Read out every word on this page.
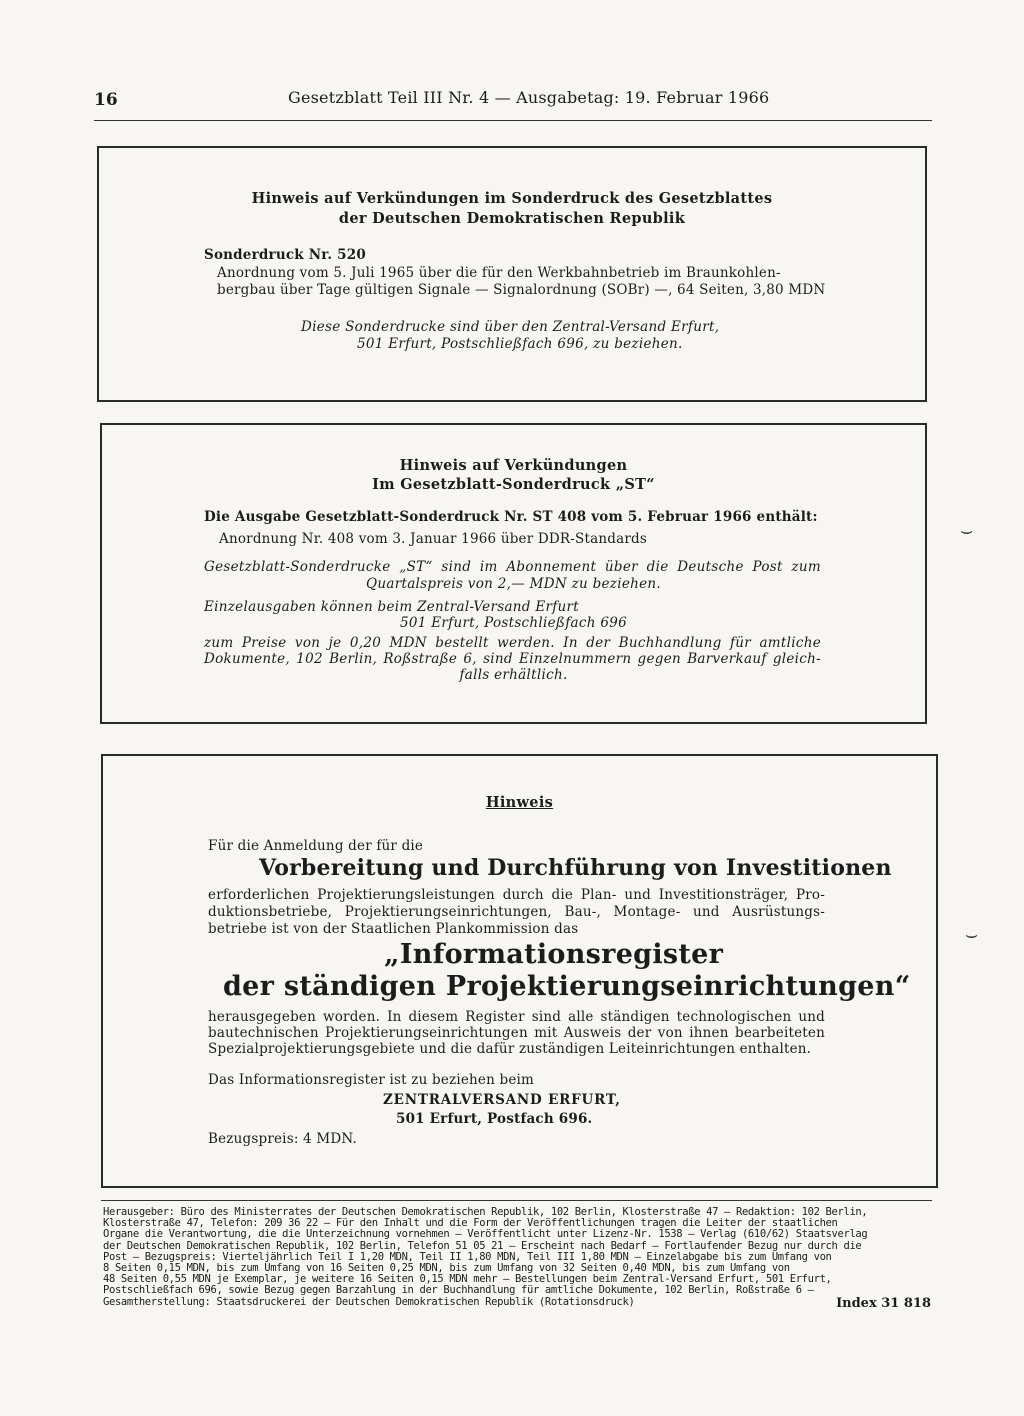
16	Gesetzblatt Teil III Nr. 4 — Ausgabetag: 19. Februar 1966
Hinweis auf Verkündungen im Sonderdruck des Gesetzblattes
der Deutschen Demokratischen Republik
Sonderdruck Nr. 520
Anordnung vom 5. Juli 1965 über die für den Werkbahnbetrieb im Braunkohlen-
bergbau über Tage gültigen Signale — Signalordnung (SOBr) —, 64 Seiten, 3,80 MDN
Diese Sonderdrucke sind über den Zentral-Versand Erfurt,
501 Erfurt, Postschließfach 696, zu beziehen.
Hinweis auf Verkündungen
Im Gesetzblatt-Sonderdruck „ST“
Die Ausgabe Gesetzblatt-Sonderdruck Nr. ST 408 vom 5. Februar 1966 enthält:
Anordnung Nr. 408 vom 3. Januar 1966 über DDR-Standards
Gesetzblatt-Sonderdrucke „ST“ sind im Abonnement über die Deutsche Post zum
Quartalspreis von 2,— MDN zu beziehen.
Einzelausgaben können beim Zentral-Versand Erfurt
501 Erfurt, Postschließfach 696
zum Preise von je 0,20 MDN bestellt werden. In der Buchhandlung für amtliche
Dokumente, 102 Berlin, Roßstraße 6, sind Einzelnummern gegen Barverkauf gleich-
falls erhältlich.
Hinweis
Für die Anmeldung der für die
Vorbereitung und Durchführung von Investitionen
erforderlichen Projektierungsleistungen durch die Plan- und Investitionsträger, Pro-
duktionsbetriebe, Projektierungseinrichtungen, Bau-, Montage- und Ausrüstungs-
betriebe ist von der Staatlichen Plankommission das
„Informationsregister
der ständigen Projektierungseinrichtungen“
herausgegeben worden. In diesem Register sind alle ständigen technologischen und
bautechnischen Projektierungseinrichtungen mit Ausweis der von ihnen bearbeiteten
Spezialprojektierungsgebiete und die dafür zuständigen Leiteinrichtungen enthalten.
Das Informationsregister ist zu beziehen beim
ZENTRALVERSAND ERFURT,
501 Erfurt, Postfach 696.
Bezugspreis: 4 MDN.
Herausgeber: Büro des Ministerrates der Deutschen Demokratischen Republik, 102 Berlin, Klosterstraße 47 — Redaktion: 102 Berlin,
Klosterstraße 47, Telefon: 209 36 22 — Für den Inhalt und die Form der Veröffentlichungen tragen die Leiter der staatlichen
Organe die Verantwortung, die die Unterzeichnung vornehmen — Veröffentlicht unter Lizenz-Nr. 1538 — Verlag (610/62) Staatsverlag
der Deutschen Demokratischen Republik, 102 Berlin, Telefon 51 05 21 — Erscheint nach Bedarf — Fortlaufender Bezug nur durch die
Post — Bezugspreis: Vierteljährlich Teil I 1,20 MDN, Teil II 1,80 MDN, Teil III 1,80 MDN — Einzelabgabe bis zum Umfang von
8 Seiten 0,15 MDN, bis zum Umfang von 16 Seiten 0,25 MDN, bis zum Umfang von 32 Seiten 0,40 MDN, bis zum Umfang von
48 Seiten 0,55 MDN je Exemplar, je weitere 16 Seiten 0,15 MDN mehr — Bestellungen beim Zentral-Versand Erfurt, 501 Erfurt,
Postschließfach 696, sowie Bezug gegen Barzahlung in der Buchhandlung für amtliche Dokumente, 102 Berlin, Roßstraße 6 —
Gesamtherstellung: Staatsdruckerei der Deutschen Demokratischen Republik (Rotationsdruck)	Index 31 818
⌣
⌣
